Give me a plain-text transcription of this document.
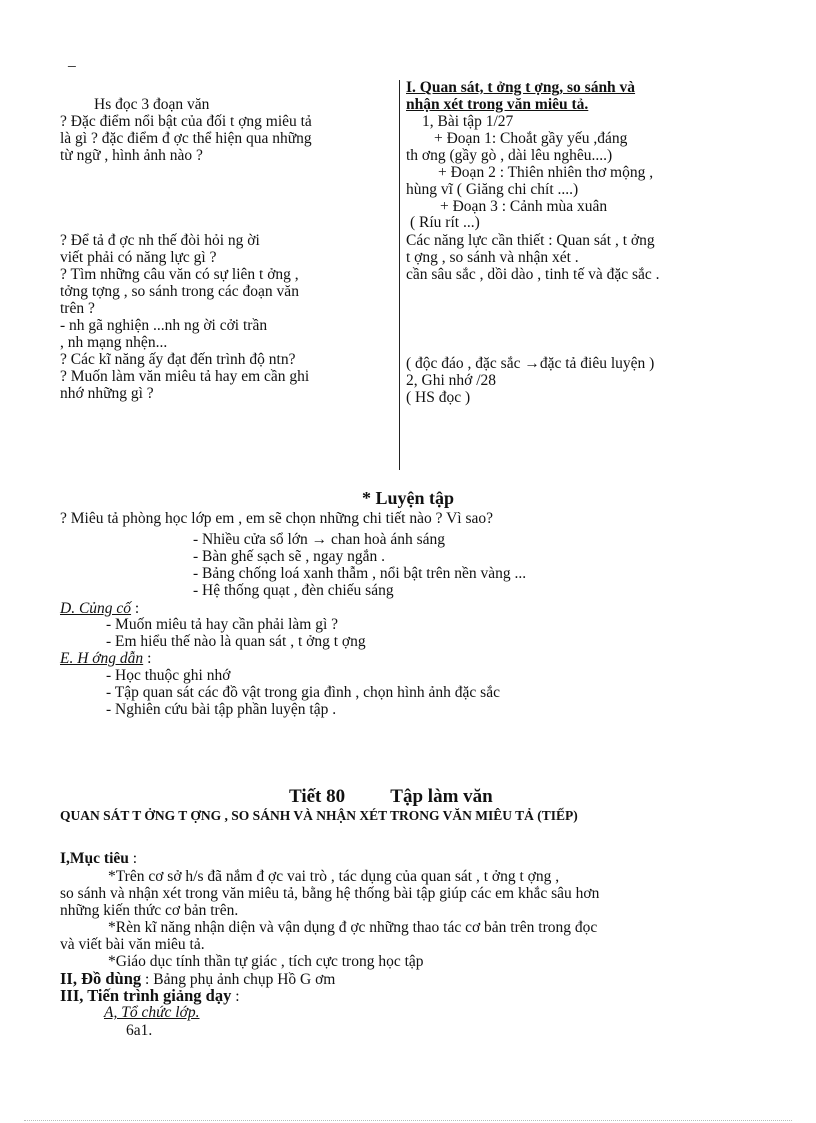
_
Hs đọc 3 đoạn văn
? Đặc điểm nổi bật của đối t ợng miêu tả
là gì ? đặc điểm đ ợc thể hiện qua những
từ ngữ , hình ảnh nào ?
? Để tả đ ợc nh thế đòi hỏi ng ời
viết phải có năng lực gì ?
? Tìm những câu văn có sự liên t ởng ,
tởng tợng , so sánh trong các đoạn văn
trên ?
- nh gã nghiện ...nh ng ời cởi trần
, nh mạng nhện...
? Các kĩ năng ấy đạt đến trình độ ntn?
? Muốn làm văn miêu tả hay em cần ghi
nhớ những gì ?
I. Quan sát, t ởng t ợng, so sánh và
nhận xét trong văn miêu tả.
1, Bài tập 1/27
+ Đoạn 1: Choắt gầy yếu ,đáng
th ơng (gầy gò , dài lêu nghêu....)
+ Đoạn 2 : Thiên nhiên thơ mộng ,
hùng vĩ ( Giăng chi chít ....)
+ Đoạn 3 : Cảnh mùa xuân
( Ríu rít ...)
Các năng lực cần thiết : Quan sát , t ởng
t ợng , so sánh và nhận xét .
cần sâu sắc , dồi dào , tinh tế và đặc sắc .
( độc đáo , đặc sắc →đặc tả điêu luyện )
2, Ghi nhớ /28
( HS đọc )
* Luyện tập
? Miêu tả phòng học lớp em , em sẽ chọn những chi tiết nào ? Vì sao?
- Nhiều cửa sổ lớn → chan hoà ánh sáng
- Bàn ghế sạch sẽ , ngay ngắn .
- Bảng chống loá xanh thẫm , nổi bật trên nền vàng ...
- Hệ thống quạt , đèn chiếu sáng
D. Củng cố :
- Muốn miêu tả hay cần phải làm gì ?
- Em hiểu thế nào là quan sát , t ởng t ợng
E. H ớng dẫn :
- Học thuộc ghi nhớ
- Tập quan sát các đồ vật trong gia đình , chọn hình ảnh đặc sắc
- Nghiên cứu bài tập phần luyện tập .
Tiết 80 Tập làm văn
QUAN SÁT T ỞNG T ỢNG , SO SÁNH VÀ NHẬN XÉT TRONG VĂN MIÊU TẢ (TIẾP)
I,Mục tiêu :
*Trên cơ sở h/s đã nắm đ ợc vai trò , tác dụng của quan sát , t ởng t ợng ,
so sánh và nhận xét trong văn miêu tả, bằng hệ thống bài tập giúp các em khắc sâu hơn
những kiến thức cơ bản trên.
*Rèn kĩ năng nhận diện và vận dụng đ ợc những thao tác cơ bản trên trong đọc
và viết bài văn miêu tả.
*Giáo dục tính thần tự giác , tích cực trong học tập
II, Đồ dùng : Bảng phụ ảnh chụp Hồ G ơm
III, Tiến trình giảng dạy :
A, Tổ chức lớp.
6a1.
